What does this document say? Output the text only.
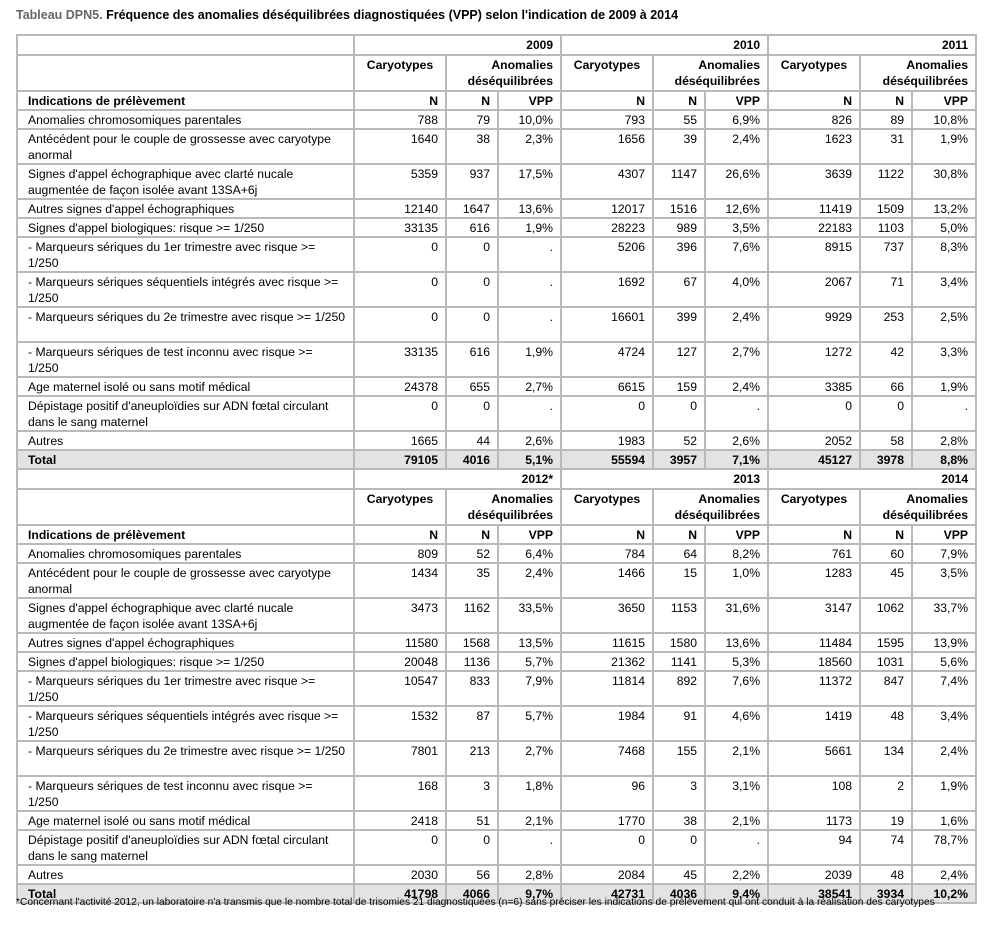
Tableau DPN5. Fréquence des anomalies déséquilibrées diagnostiquées (VPP) selon l'indication de 2009 à 2014
	2009			2010			2011		
	Caryotypes	Anomalies déséquilibrées		Caryotypes	Anomalies déséquilibrées		Caryotypes	Anomalies déséquilibrées	
Indications de prélèvement	N	N	VPP	N	N	VPP	N	N	VPP
Anomalies chromosomiques parentales	788	79	10,0%	793	55	6,9%	826	89	10,8%
Antécédent pour le couple de grossesse avec caryotype anormal	1640	38	2,3%	1656	39	2,4%	1623	31	1,9%
Signes d'appel échographique avec clarté nucale augmentée de façon isolée avant 13SA+6j	5359	937	17,5%	4307	1147	26,6%	3639	1122	30,8%
Autres signes d'appel échographiques	12140	1647	13,6%	12017	1516	12,6%	11419	1509	13,2%
Signes d'appel biologiques: risque >= 1/250	33135	616	1,9%	28223	989	3,5%	22183	1103	5,0%
- Marqueurs sériques du 1er trimestre avec risque >= 1/250	0	0	.	5206	396	7,6%	8915	737	8,3%
- Marqueurs sériques séquentiels intégrés avec risque >= 1/250	0	0	.	1692	67	4,0%	2067	71	3,4%
- Marqueurs sériques du 2e trimestre avec risque >= 1/250	0	0	.	16601	399	2,4%	9929	253	2,5%
- Marqueurs sériques de test inconnu avec risque >= 1/250	33135	616	1,9%	4724	127	2,7%	1272	42	3,3%
Age maternel isolé ou sans motif médical	24378	655	2,7%	6615	159	2,4%	3385	66	1,9%
Dépistage positif d'aneuploïdies sur ADN fœtal circulant dans le sang maternel	0	0	.	0	0	.	0	0	.
Autres	1665	44	2,6%	1983	52	2,6%	2052	58	2,8%
Total	79105	4016	5,1%	55594	3957	7,1%	45127	3978	8,8%
	2012*			2013			2014		
	Caryotypes	Anomalies déséquilibrées		Caryotypes	Anomalies déséquilibrées		Caryotypes	Anomalies déséquilibrées	
Indications de prélèvement	N	N	VPP	N	N	VPP	N	N	VPP
Anomalies chromosomiques parentales	809	52	6,4%	784	64	8,2%	761	60	7,9%
Antécédent pour le couple de grossesse avec caryotype anormal	1434	35	2,4%	1466	15	1,0%	1283	45	3,5%
Signes d'appel échographique avec clarté nucale augmentée de façon isolée avant 13SA+6j	3473	1162	33,5%	3650	1153	31,6%	3147	1062	33,7%
Autres signes d'appel échographiques	11580	1568	13,5%	11615	1580	13,6%	11484	1595	13,9%
Signes d'appel biologiques: risque >= 1/250	20048	1136	5,7%	21362	1141	5,3%	18560	1031	5,6%
- Marqueurs sériques du 1er trimestre avec risque >= 1/250	10547	833	7,9%	11814	892	7,6%	11372	847	7,4%
- Marqueurs sériques séquentiels intégrés avec risque >= 1/250	1532	87	5,7%	1984	91	4,6%	1419	48	3,4%
- Marqueurs sériques du 2e trimestre avec risque >= 1/250	7801	213	2,7%	7468	155	2,1%	5661	134	2,4%
- Marqueurs sériques de test inconnu avec risque >= 1/250	168	3	1,8%	96	3	3,1%	108	2	1,9%
Age maternel isolé ou sans motif médical	2418	51	2,1%	1770	38	2,1%	1173	19	1,6%
Dépistage positif d'aneuploïdies sur ADN fœtal circulant dans le sang maternel	0	0	.	0	0	.	94	74	78,7%
Autres	2030	56	2,8%	2084	45	2,2%	2039	48	2,4%
Total	41798	4066	9,7%	42731	4036	9,4%	38541	3934	10,2%
*Concernant l'activité 2012, un laboratoire n'a transmis que le nombre total de trisomies 21 diagnostiquées (n=6) sans préciser les indications de prélèvement qui ont conduit à la réalisation des caryotypes
